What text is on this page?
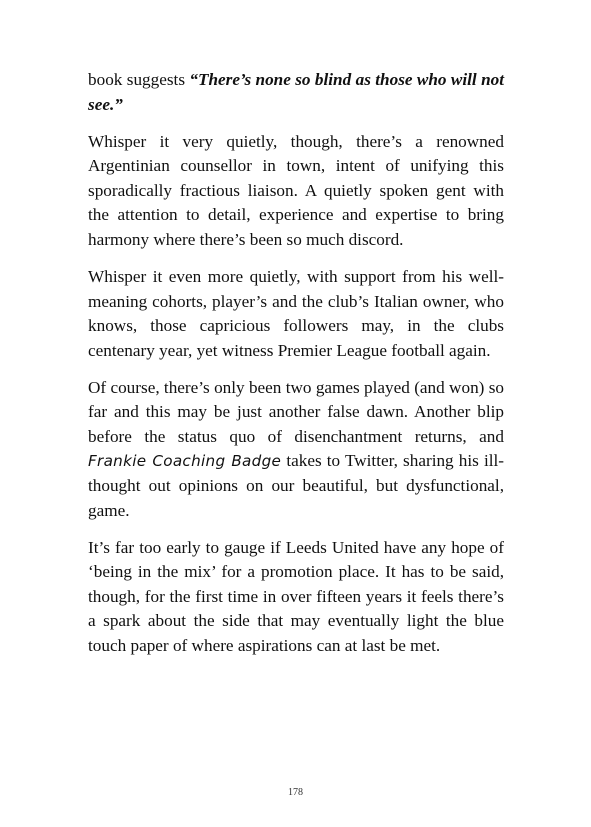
book suggests “There’s none so blind as those who will not see.”

Whisper it very quietly, though, there’s a renowned Argentinian counsellor in town, intent of unifying this sporadically fractious liaison. A quietly spoken gent with the attention to detail, experience and expertise to bring harmony where there’s been so much discord.

Whisper it even more quietly, with support from his well-meaning cohorts, player’s and the club’s Italian owner, who knows, those capricious followers may, in the clubs centenary year, yet witness Premier League football again.

Of course, there’s only been two games played (and won) so far and this may be just another false dawn. Another blip before the status quo of disenchantment returns, and Frankie Coaching Badge takes to Twitter, sharing his ill-thought out opinions on our beautiful, but dysfunctional, game.

It’s far too early to gauge if Leeds United have any hope of ‘being in the mix’ for a promotion place. It has to be said, though, for the first time in over fifteen years it feels there’s a spark about the side that may eventually light the blue touch paper of where aspirations can at last be met.

178
